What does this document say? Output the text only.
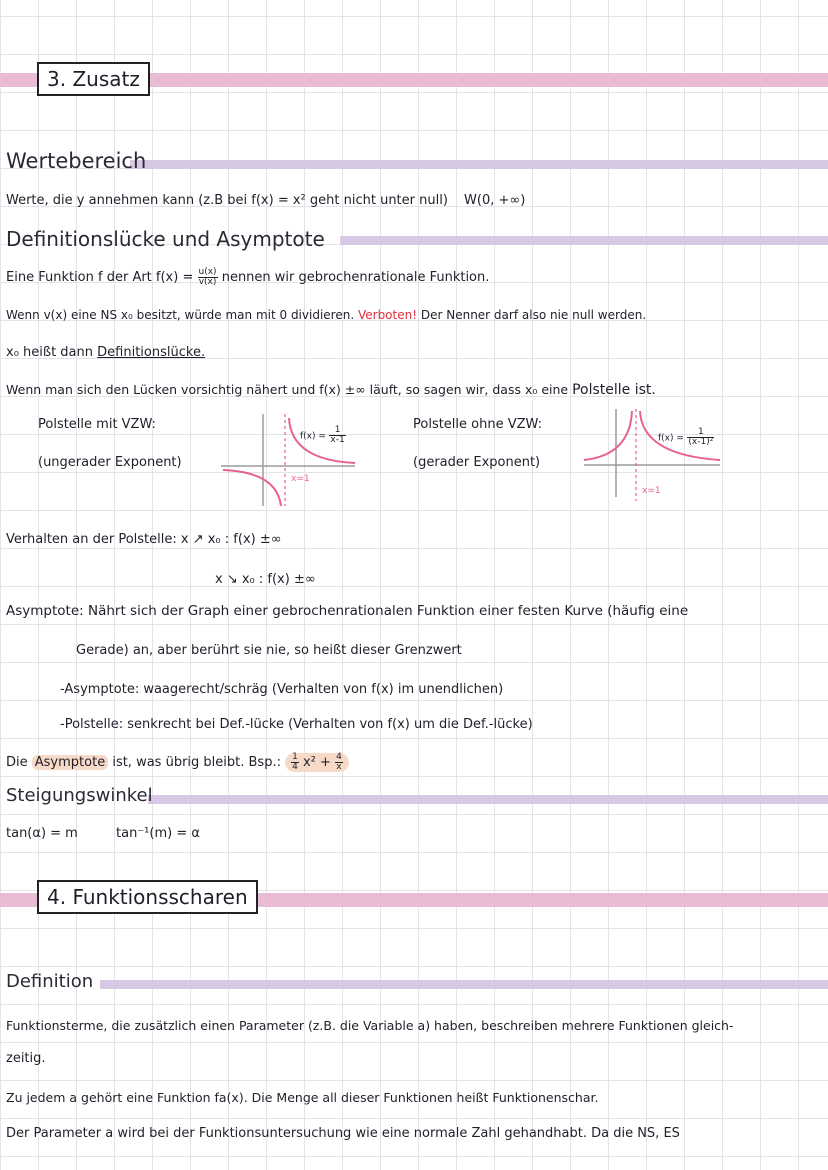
3. Zusatz
Wertebereich
Werte, die y annehmen kann (z.B bei f(x) = x² geht nicht unter null) W(0, +∞)
Definitionslücke und Asymptote
Eine Funktion f der Art $f(x) = \frac{u(x)}{v(x)}$ nennen wir gebrochenrationale Funktion.
Wenn v(x) eine NS x₀ besitzt, würde man mit 0 dividieren. Verboten! Der Nenner darf also nie null werden.
x₀ heißt dann Definitionslücke.
Wenn man sich den Lücken vorsichtig nähert und f(x) ±∞ läuft, so sagen wir, dass x₀ eine Polstelle ist.
Polstelle mit VZW:
(ungerader Exponent)
$f(x) = \frac{1}{x-1}$
x=1
Polstelle ohne VZW:
(gerader Exponent)
$f(x) = \frac{1}{\text{(x-1)²}}$
x=1
Verhalten an der Polstelle: x ↗ x₀ : f(x) ±∞
x ↘ x₀ : f(x) ±∞
Asymptote: Nährt sich der Graph einer gebrochenrationalen Funktion einer festen Kurve (häufig eine
Gerade) an, aber berührt sie nie, so heißt dieser Grenzwert
-Asymptote: waagerecht/schräg (Verhalten von f(x) im unendlichen)
-Polstelle: senkrecht bei Def.-lücke (Verhalten von f(x) um die Def.-lücke)
Die Asymptote ist, was übrig bleibt. Bsp.: $\frac{1}{4} x^2 + \frac{4}{x}$
Steigungswinkel
tan(α) = m	tan⁻¹(m) = α
4. Funktionsscharen
Definition
Funktionsterme, die zusätzlich einen Parameter (z.B. die Variable a) haben, beschreiben mehrere Funktionen gleich-
zeitig.
Zu jedem a gehört eine Funktion fa(x). Die Menge all dieser Funktionen heißt Funktionenschar.
Der Parameter a wird bei der Funktionsuntersuchung wie eine normale Zahl gehandhabt. Da die NS, ES
